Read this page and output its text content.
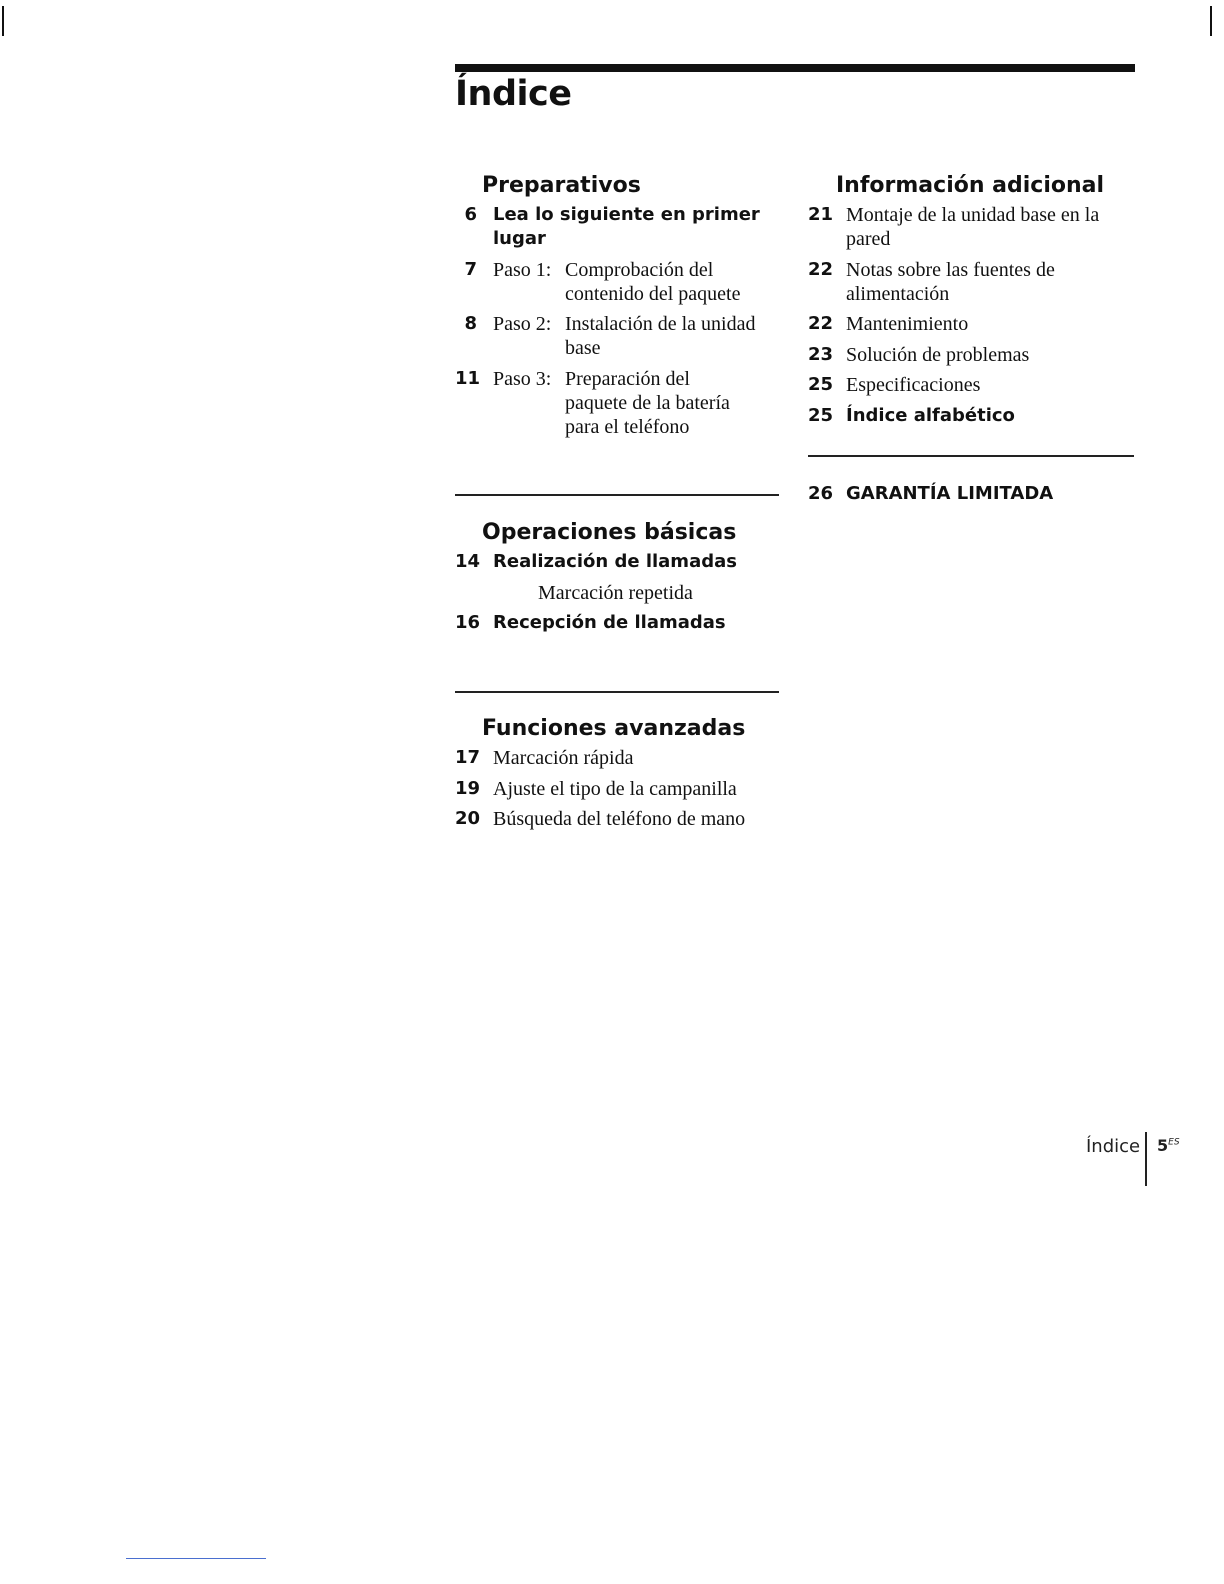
Índice
Preparativos
6 Lea lo siguiente en primer lugar
7 Paso 1: Comprobación del contenido del paquete
8 Paso 2: Instalación de la unidad base
11 Paso 3: Preparación del paquete de la batería para el teléfono
Operaciones básicas
14 Realización de llamadas
Marcación repetida
16 Recepción de llamadas
Funciones avanzadas
17 Marcación rápida
19 Ajuste el tipo de la campanilla
20 Búsqueda del teléfono de mano
Información adicional
21 Montaje de la unidad base en la pared
22 Notas sobre las fuentes de alimentación
22 Mantenimiento
23 Solución de problemas
25 Especificaciones
25 Índice alfabético
26 GARANTÍA LIMITADA
Índice $5^{ES}$
